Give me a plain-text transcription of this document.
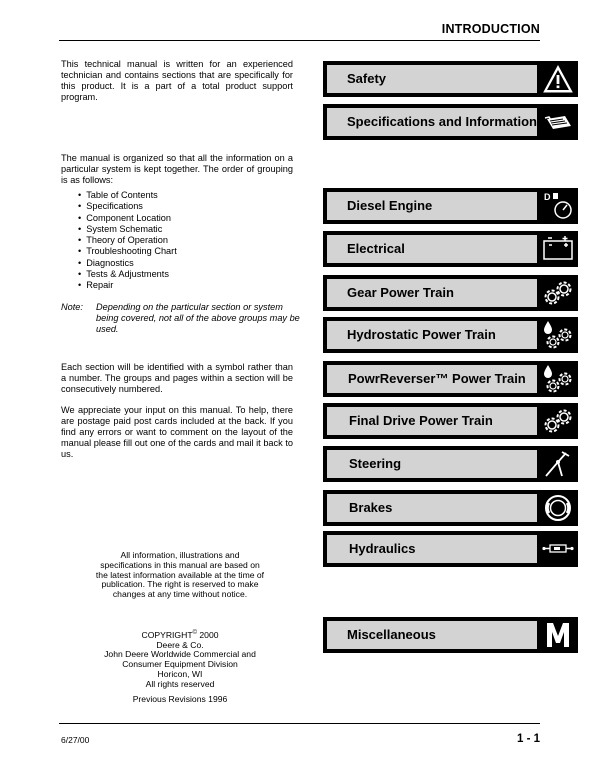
INTRODUCTION
This technical manual is written for an experienced technician and contains sections that are specifically for this product. It is a part of a total product support program.
The manual is organized so that all the information on a particular system is kept together. The order of grouping is as follows:
• Table of Contents
• Specifications
• Component Location
• System Schematic
• Theory of Operation
• Troubleshooting Chart
• Diagnostics
• Tests & Adjustments
• Repair
Note: Depending on the particular section or system being covered, not all of the above groups may be used.
Each section will be identified with a symbol rather than a number. The groups and pages within a section will be consecutively numbered.
We appreciate your input on this manual. To help, there are postage paid post cards included at the back. If you find any errors or want to comment on the layout of the manual please fill out one of the cards and mail it back to us.
All information, illustrations and
specifications in this manual are based on
the latest information available at the time of
publication. The right is reserved to make
changes at any time without notice.
COPYRIGHT© 2000
Deere & Co.
John Deere Worldwide Commercial and
Consumer Equipment Division
Horicon, WI
All rights reserved
Previous Revisions 1996
Safety
Specifications and Information
Diesel Engine
D
Electrical
Gear Power Train
Hydrostatic Power Train
PowrReverser™ Power Train
Final Drive Power Train
Steering
Brakes
Hydraulics
Miscellaneous
6/27/00	1 - 1
